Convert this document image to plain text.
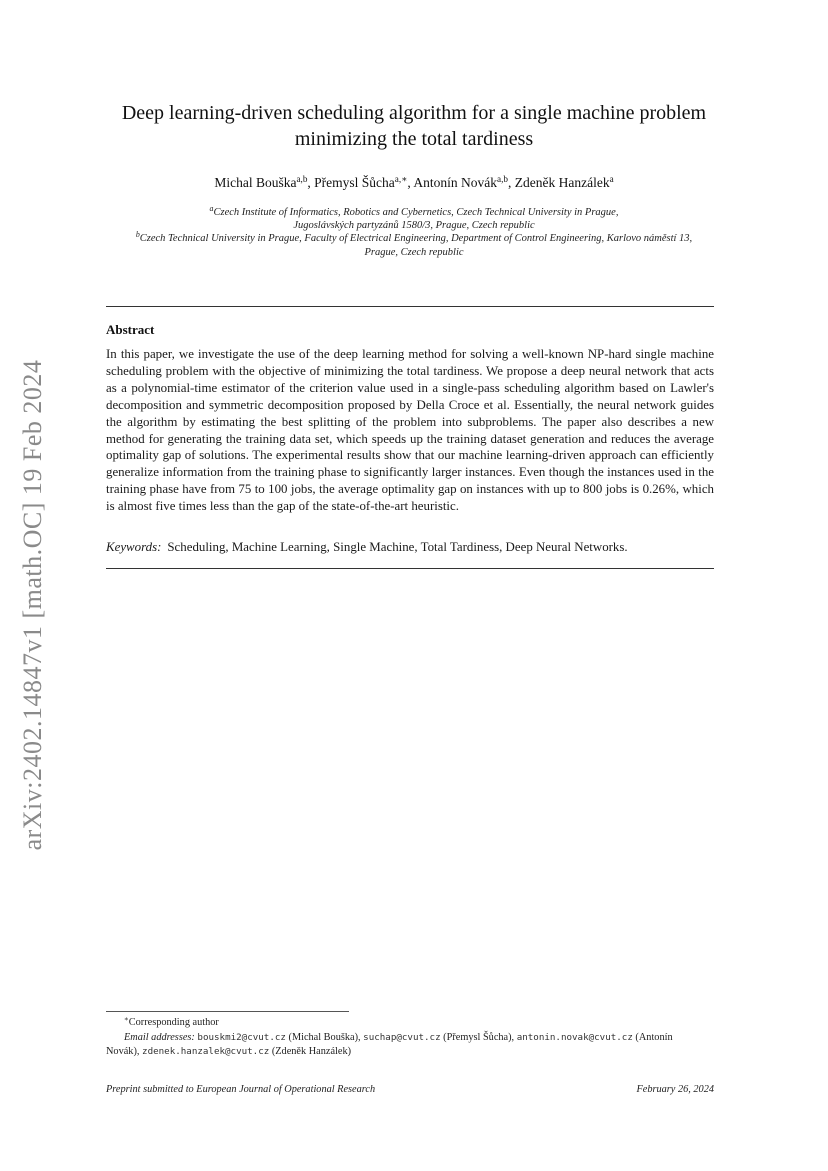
arXiv:2402.14847v1 [math.OC] 19 Feb 2024
Deep learning-driven scheduling algorithm for a single machine problem
minimizing the total tardiness
Michal Bouška$^{a,b}$, Přemysl Šůcha$^{a,∗}$, Antonín Novák$^{a,b}$, Zdeněk Hanzálek$^a$
$^a$Czech Institute of Informatics, Robotics and Cybernetics, Czech Technical University in Prague,
Jugoslávských partyzánů 1580/3, Prague, Czech republic
$^b$Czech Technical University in Prague, Faculty of Electrical Engineering, Department of Control Engineering, Karlovo náměstí 13,
Prague, Czech republic
Abstract

In this paper, we investigate the use of the deep learning method for solving a well-known NP-hard single machine scheduling problem with the objective of minimizing the total tardiness. We propose a deep neural network that acts as a polynomial-time estimator of the criterion value used in a single-pass scheduling algorithm based on Lawler's decomposition and symmetric decomposition proposed by Della Croce et al. Essentially, the neural network guides the algorithm by estimating the best splitting of the problem into subproblems. The paper also describes a new method for generating the training data set, which speeds up the training dataset generation and reduces the average optimality gap of solutions. The experimental results show that our machine learning-driven approach can efficiently generalize information from the training phase to significantly larger instances. Even though the instances used in the training phase have from 75 to 100 jobs, the average optimality gap on instances with up to 800 jobs is 0.26%, which is almost five times less than the gap of the state-of-the-art heuristic.

Keywords: Scheduling, Machine Learning, Single Machine, Total Tardiness, Deep Neural Networks.
∗Corresponding author
Email addresses: bouskmi2@cvut.cz (Michal Bouška), suchap@cvut.cz (Přemysl Šůcha), antonin.novak@cvut.cz (Antonín
Novák), zdenek.hanzalek@cvut.cz (Zdeněk Hanzálek)
Preprint submitted to European Journal of Operational Research	February 26, 2024
